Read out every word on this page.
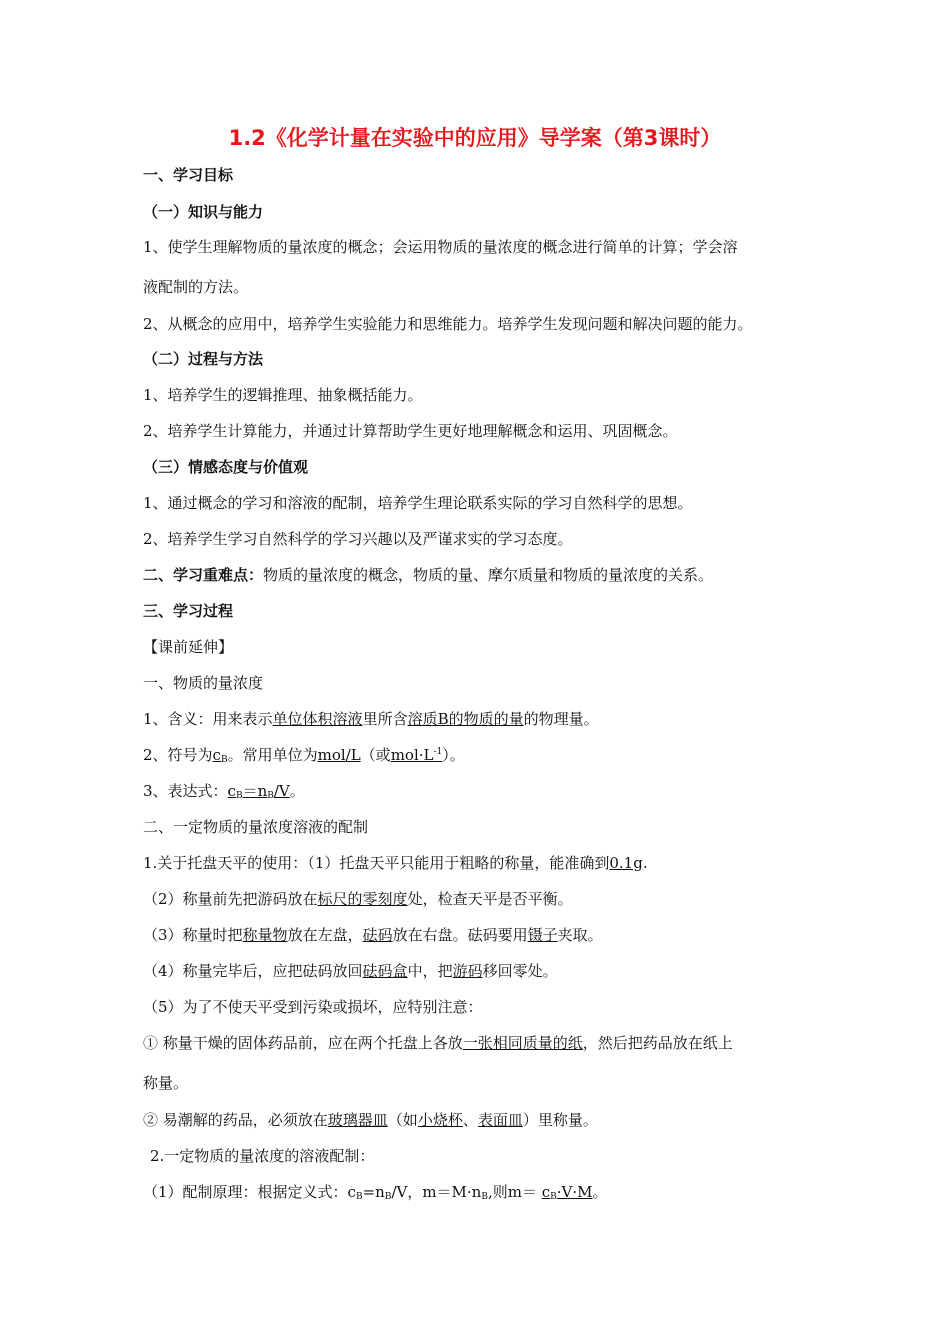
1.2《化学计量在实验中的应用》导学案（第3课时）
一、学习目标
（一）知识与能力
1、使学生理解物质的量浓度的概念；会运用物质的量浓度的概念进行简单的计算；学会溶
液配制的方法。
2、从概念的应用中，培养学生实验能力和思维能力。培养学生发现问题和解决问题的能力。
（二）过程与方法
1、培养学生的逻辑推理、抽象概括能力。
2、培养学生计算能力，并通过计算帮助学生更好地理解概念和运用、巩固概念。
（三）情感态度与价值观
1、通过概念的学习和溶液的配制，培养学生理论联系实际的学习自然科学的思想。
2、培养学生学习自然科学的学习兴趣以及严谨求实的学习态度。
二、学习重难点：物质的量浓度的概念，物质的量、摩尔质量和物质的量浓度的关系。
三、学习过程
【课前延伸】
一、物质的量浓度
1、含义：用来表示单位体积溶液里所含溶质B的物质的量的物理量。
2、符号为$c_B$。常用单位为mol/L（或$mol\cdot L^{-1}$）。
3、表达式：$c_B=n_B/V$。
二、一定物质的量浓度溶液的配制
1.关于托盘天平的使用：（1）托盘天平只能用于粗略的称量，能准确到0.1g.
（2）称量前先把游码放在标尺的零刻度处，检查天平是否平衡。
（3）称量时把称量物放在左盘，砝码放在右盘。砝码要用镊子夹取。
（4）称量完毕后，应把砝码放回砝码盒中，把游码移回零处。
（5）为了不使天平受到污染或损坏，应特别注意：
① 称量干燥的固体药品前，应在两个托盘上各放一张相同质量的纸，然后把药品放在纸上
称量。
② 易潮解的药品，必须放在玻璃器皿（如小烧杯、表面皿）里称量。
2.一定物质的量浓度的溶液配制：
（1）配制原理：根据定义式：$c_B=n_B/V$，$m=M\cdot n_B$,则$m= c_B\cdot V\cdot M$。
